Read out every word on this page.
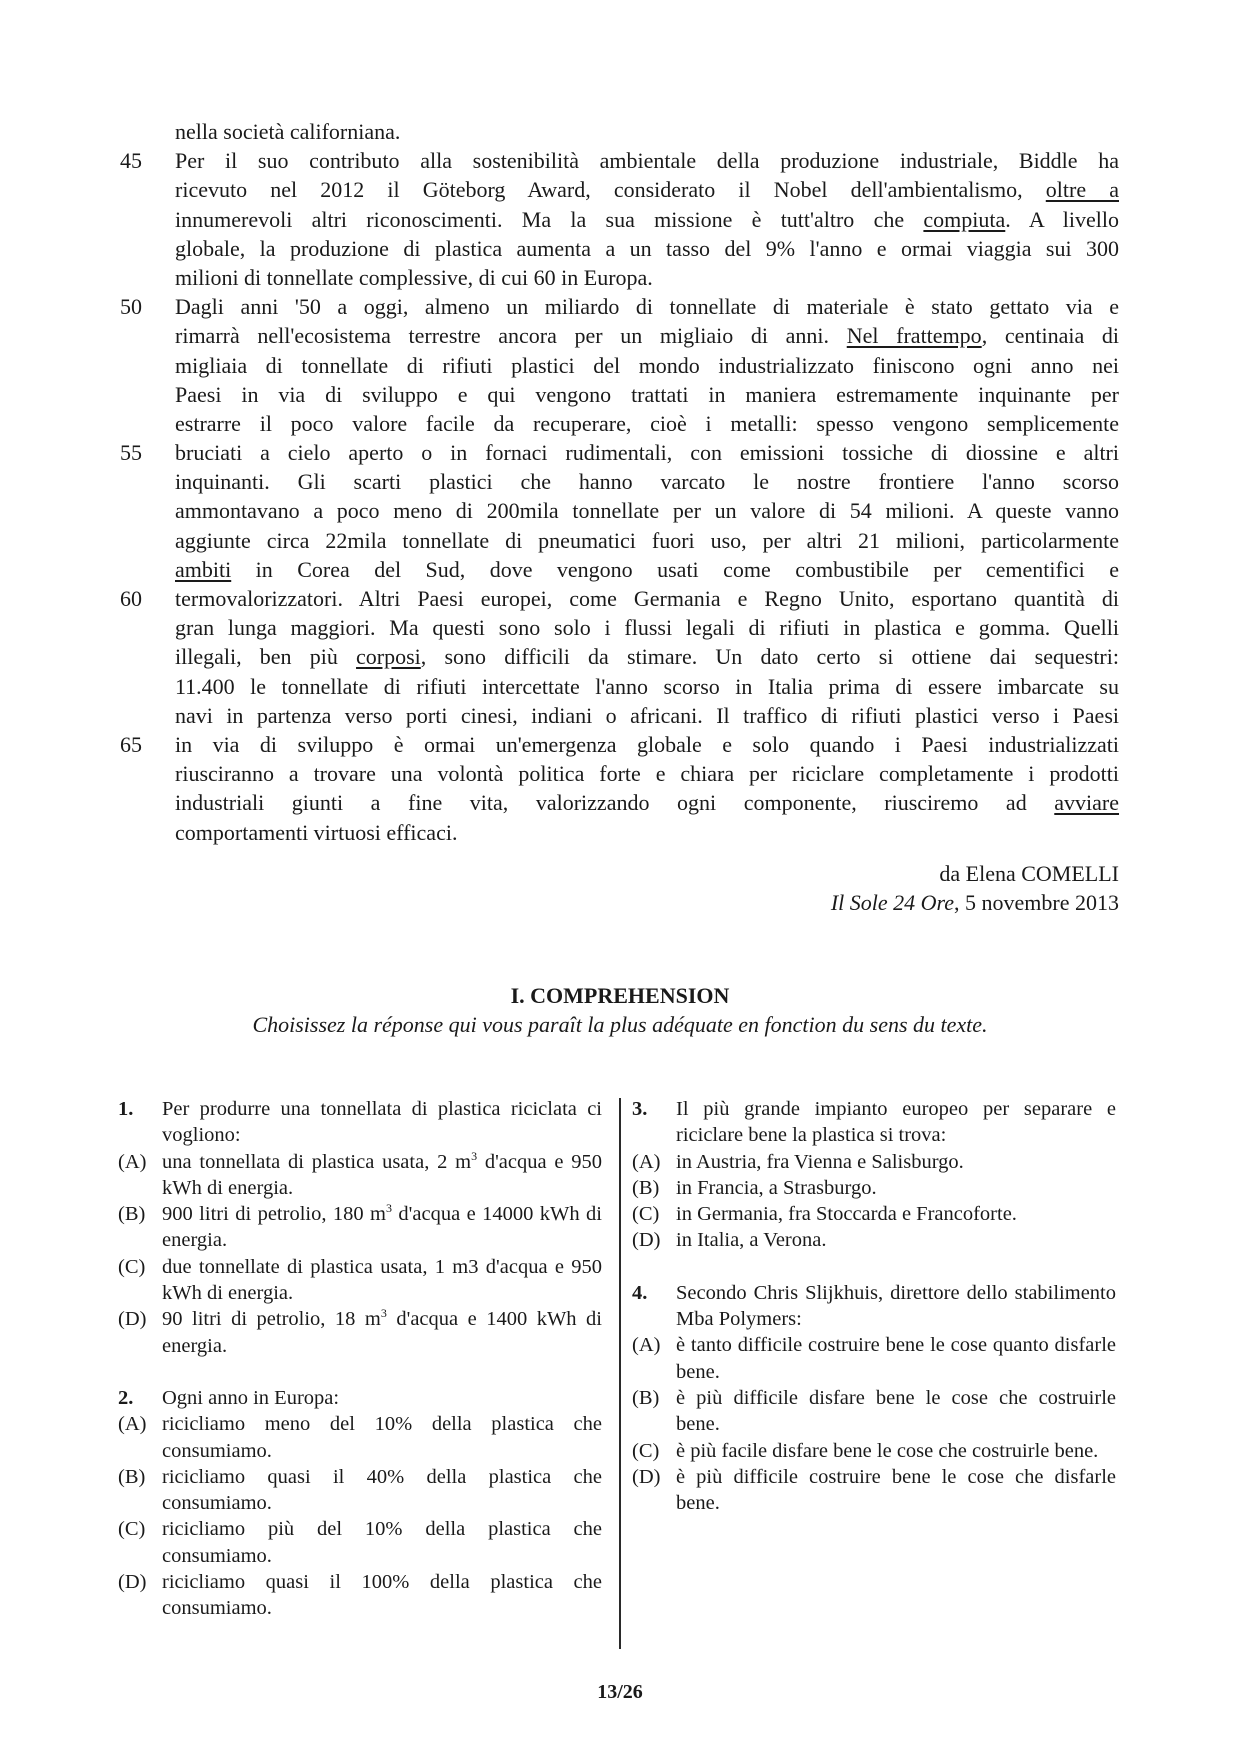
nella società californiana.
45	Per il suo contributo alla sostenibilità ambientale della produzione industriale, Biddle ha
ricevuto nel 2012 il Göteborg Award, considerato il Nobel dell'ambientalismo, oltre a
innumerevoli altri riconoscimenti. Ma la sua missione è tutt'altro che compiuta. A livello
globale, la produzione di plastica aumenta a un tasso del 9% l'anno e ormai viaggia sui 300
milioni di tonnellate complessive, di cui 60 in Europa.
50	Dagli anni '50 a oggi, almeno un miliardo di tonnellate di materiale è stato gettato via e
rimarrà nell'ecosistema terrestre ancora per un migliaio di anni. Nel frattempo, centinaia di
migliaia di tonnellate di rifiuti plastici del mondo industrializzato finiscono ogni anno nei
Paesi in via di sviluppo e qui vengono trattati in maniera estremamente inquinante per
estrarre il poco valore facile da recuperare, cioè i metalli: spesso vengono semplicemente
55	bruciati a cielo aperto o in fornaci rudimentali, con emissioni tossiche di diossine e altri
inquinanti. Gli scarti plastici che hanno varcato le nostre frontiere l'anno scorso
ammontavano a poco meno di 200mila tonnellate per un valore di 54 milioni. A queste vanno
aggiunte circa 22mila tonnellate di pneumatici fuori uso, per altri 21 milioni, particolarmente
ambiti in Corea del Sud, dove vengono usati come combustibile per cementifici e
60	termovalorizzatori. Altri Paesi europei, come Germania e Regno Unito, esportano quantità di
gran lunga maggiori. Ma questi sono solo i flussi legali di rifiuti in plastica e gomma. Quelli
illegali, ben più corposi, sono difficili da stimare. Un dato certo si ottiene dai sequestri:
11.400 le tonnellate di rifiuti intercettate l'anno scorso in Italia prima di essere imbarcate su
navi in partenza verso porti cinesi, indiani o africani. Il traffico di rifiuti plastici verso i Paesi
65	in via di sviluppo è ormai un'emergenza globale e solo quando i Paesi industrializzati
riusciranno a trovare una volontà politica forte e chiara per riciclare completamente i prodotti
industriali giunti a fine vita, valorizzando ogni componente, riusciremo ad avviare
comportamenti virtuosi efficaci.
da Elena COMELLI
Il Sole 24 Ore, 5 novembre 2013
I. COMPREHENSION
Choisissez la réponse qui vous paraît la plus adéquate en fonction du sens du texte.
1.	Per produrre una tonnellata di plastica riciclata ci vogliono:
(A) una tonnellata di plastica usata, 2 $m^3$ d'acqua e 950 kWh di energia.
(B) 900 litri di petrolio, 180 $m^3$ d'acqua e 14000 kWh di energia.
(C) due tonnellate di plastica usata, 1 m3 d'acqua e 950 kWh di energia.
(D) 90 litri di petrolio, 18 $m^3$ d'acqua e 1400 kWh di energia.
2.	Ogni anno in Europa:
(A) ricicliamo meno del 10% della plastica che consumiamo.
(B) ricicliamo quasi il 40% della plastica che consumiamo.
(C) ricicliamo più del 10% della plastica che consumiamo.
(D) ricicliamo quasi il 100% della plastica che consumiamo.
3.	Il più grande impianto europeo per separare e riciclare bene la plastica si trova:
(A) in Austria, fra Vienna e Salisburgo.
(B) in Francia, a Strasburgo.
(C) in Germania, fra Stoccarda e Francoforte.
(D) in Italia, a Verona.
4.	Secondo Chris Slijkhuis, direttore dello stabilimento Mba Polymers:
(A) è tanto difficile costruire bene le cose quanto disfarle bene.
(B) è più difficile disfare bene le cose che costruirle bene.
(C) è più facile disfare bene le cose che costruirle bene.
(D) è più difficile costruire bene le cose che disfarle bene.
13/26
